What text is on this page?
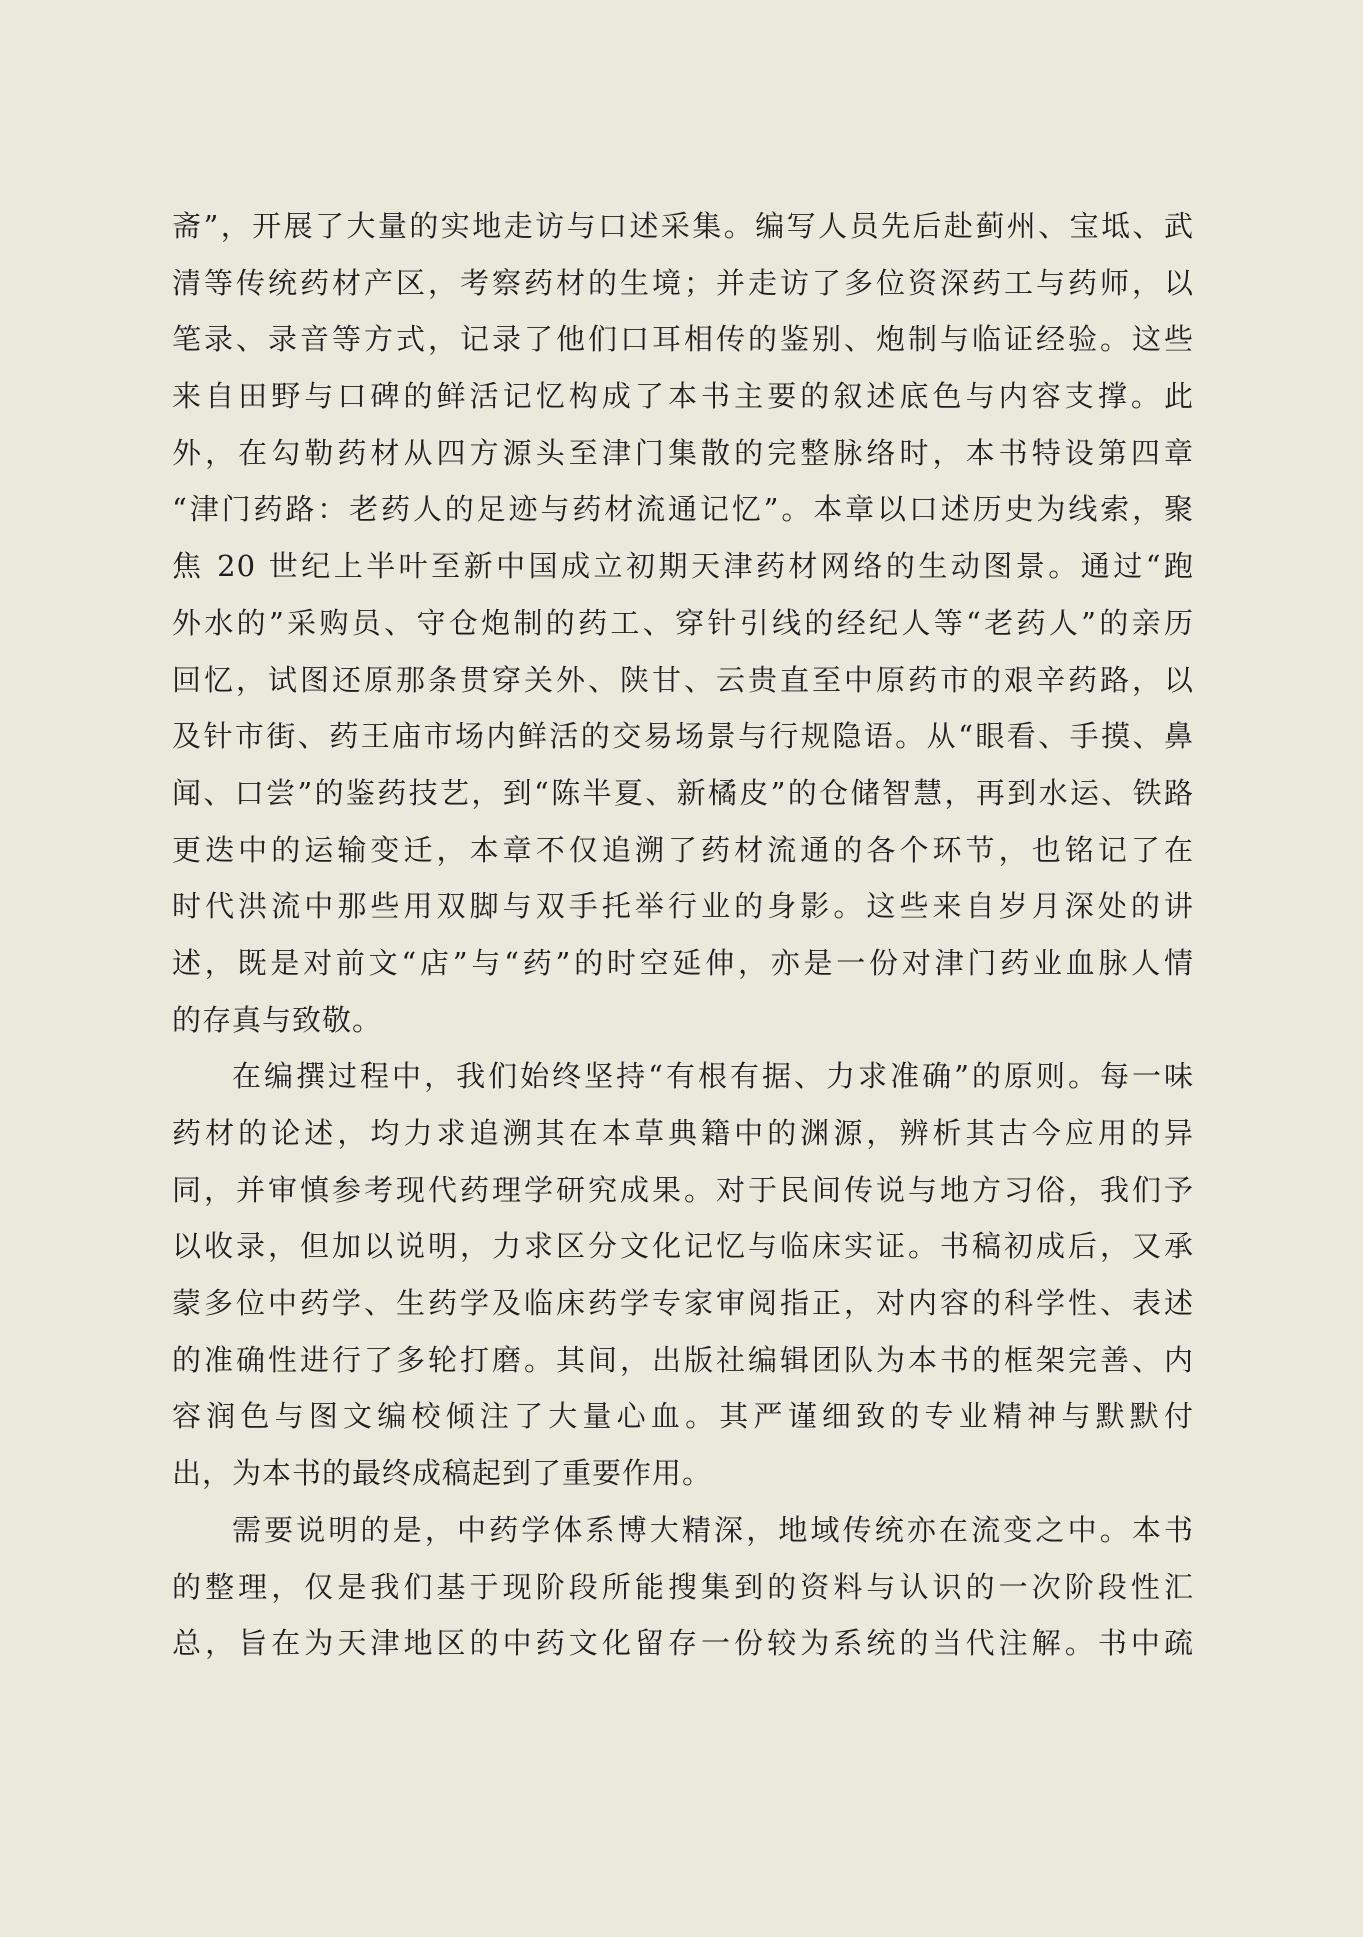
斋”，开展了大量的实地走访与口述采集。编写人员先后赴蓟州、宝坻、武
清等传统药材产区，考察药材的生境；并走访了多位资深药工与药师，以
笔录、录音等方式，记录了他们口耳相传的鉴别、炮制与临证经验。这些
来自田野与口碑的鲜活记忆构成了本书主要的叙述底色与内容支撑。此
外，在勾勒药材从四方源头至津门集散的完整脉络时，本书特设第四章
“津门药路：老药人的足迹与药材流通记忆”。本章以口述历史为线索，聚
焦 20 世纪上半叶至新中国成立初期天津药材网络的生动图景。通过“跑
外水的”采购员、守仓炮制的药工、穿针引线的经纪人等“老药人”的亲历
回忆，试图还原那条贯穿关外、陕甘、云贵直至中原药市的艰辛药路，以
及针市街、药王庙市场内鲜活的交易场景与行规隐语。从“眼看、手摸、鼻
闻、口尝”的鉴药技艺，到“陈半夏、新橘皮”的仓储智慧，再到水运、铁路
更迭中的运输变迁，本章不仅追溯了药材流通的各个环节，也铭记了在
时代洪流中那些用双脚与双手托举行业的身影。这些来自岁月深处的讲
述，既是对前文“店”与“药”的时空延伸，亦是一份对津门药业血脉人情
的存真与致敬。
在编撰过程中，我们始终坚持“有根有据、力求准确”的原则。每一味
药材的论述，均力求追溯其在本草典籍中的渊源，辨析其古今应用的异
同，并审慎参考现代药理学研究成果。对于民间传说与地方习俗，我们予
以收录，但加以说明，力求区分文化记忆与临床实证。书稿初成后，又承
蒙多位中药学、生药学及临床药学专家审阅指正，对内容的科学性、表述
的准确性进行了多轮打磨。其间，出版社编辑团队为本书的框架完善、内
容润色与图文编校倾注了大量心血。其严谨细致的专业精神与默默付
出，为本书的最终成稿起到了重要作用。
需要说明的是，中药学体系博大精深，地域传统亦在流变之中。本书
的整理，仅是我们基于现阶段所能搜集到的资料与认识的一次阶段性汇
总，旨在为天津地区的中药文化留存一份较为系统的当代注解。书中疏
